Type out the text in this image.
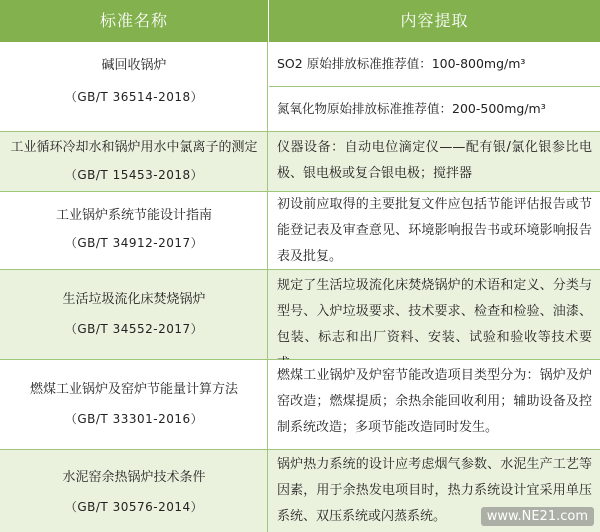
标准名称	内容提取
碱回收锅炉
（GB/T 36514-2018）
SO2 原始排放标准推荐值：100-800mg/m³
氮氧化物原始排放标准推荐值：200-500mg/m³
工业循环冷却水和锅炉用水中氯离子的测定
（GB/T 15453-2018）
仪器设备：自动电位滴定仪——配有银/氯化银参比电极、银电极或复合银电极；搅拌器
工业锅炉系统节能设计指南
（GB/T 34912-2017）
初设前应取得的主要批复文件应包括节能评估报告或节能登记表及审查意见、环境影响报告书或环境影响报告表及批复。
生活垃圾流化床焚烧锅炉
（GB/T 34552-2017）
规定了生活垃圾流化床焚烧锅炉的术语和定义、分类与型号、入炉垃圾要求、技术要求、检查和检验、油漆、包装、标志和出厂资料、安装、试验和验收等技术要
燃煤工业锅炉及窑炉节能量计算方法
（GB/T 33301-2016）
燃煤工业锅炉及炉窑节能改造项目类型分为：锅炉及炉窑改造；燃煤提质；余热余能回收利用；辅助设备及控制系统改造；多项节能改造同时发生。
水泥窑余热锅炉技术条件
（GB/T 30576-2014）
锅炉热力系统的设计应考虑烟气参数、水泥生产工艺等因素，用于余热发电项目时，热力系统设计宜采用单压系统、双压系统或闪蒸系统。	www.NE21.com
